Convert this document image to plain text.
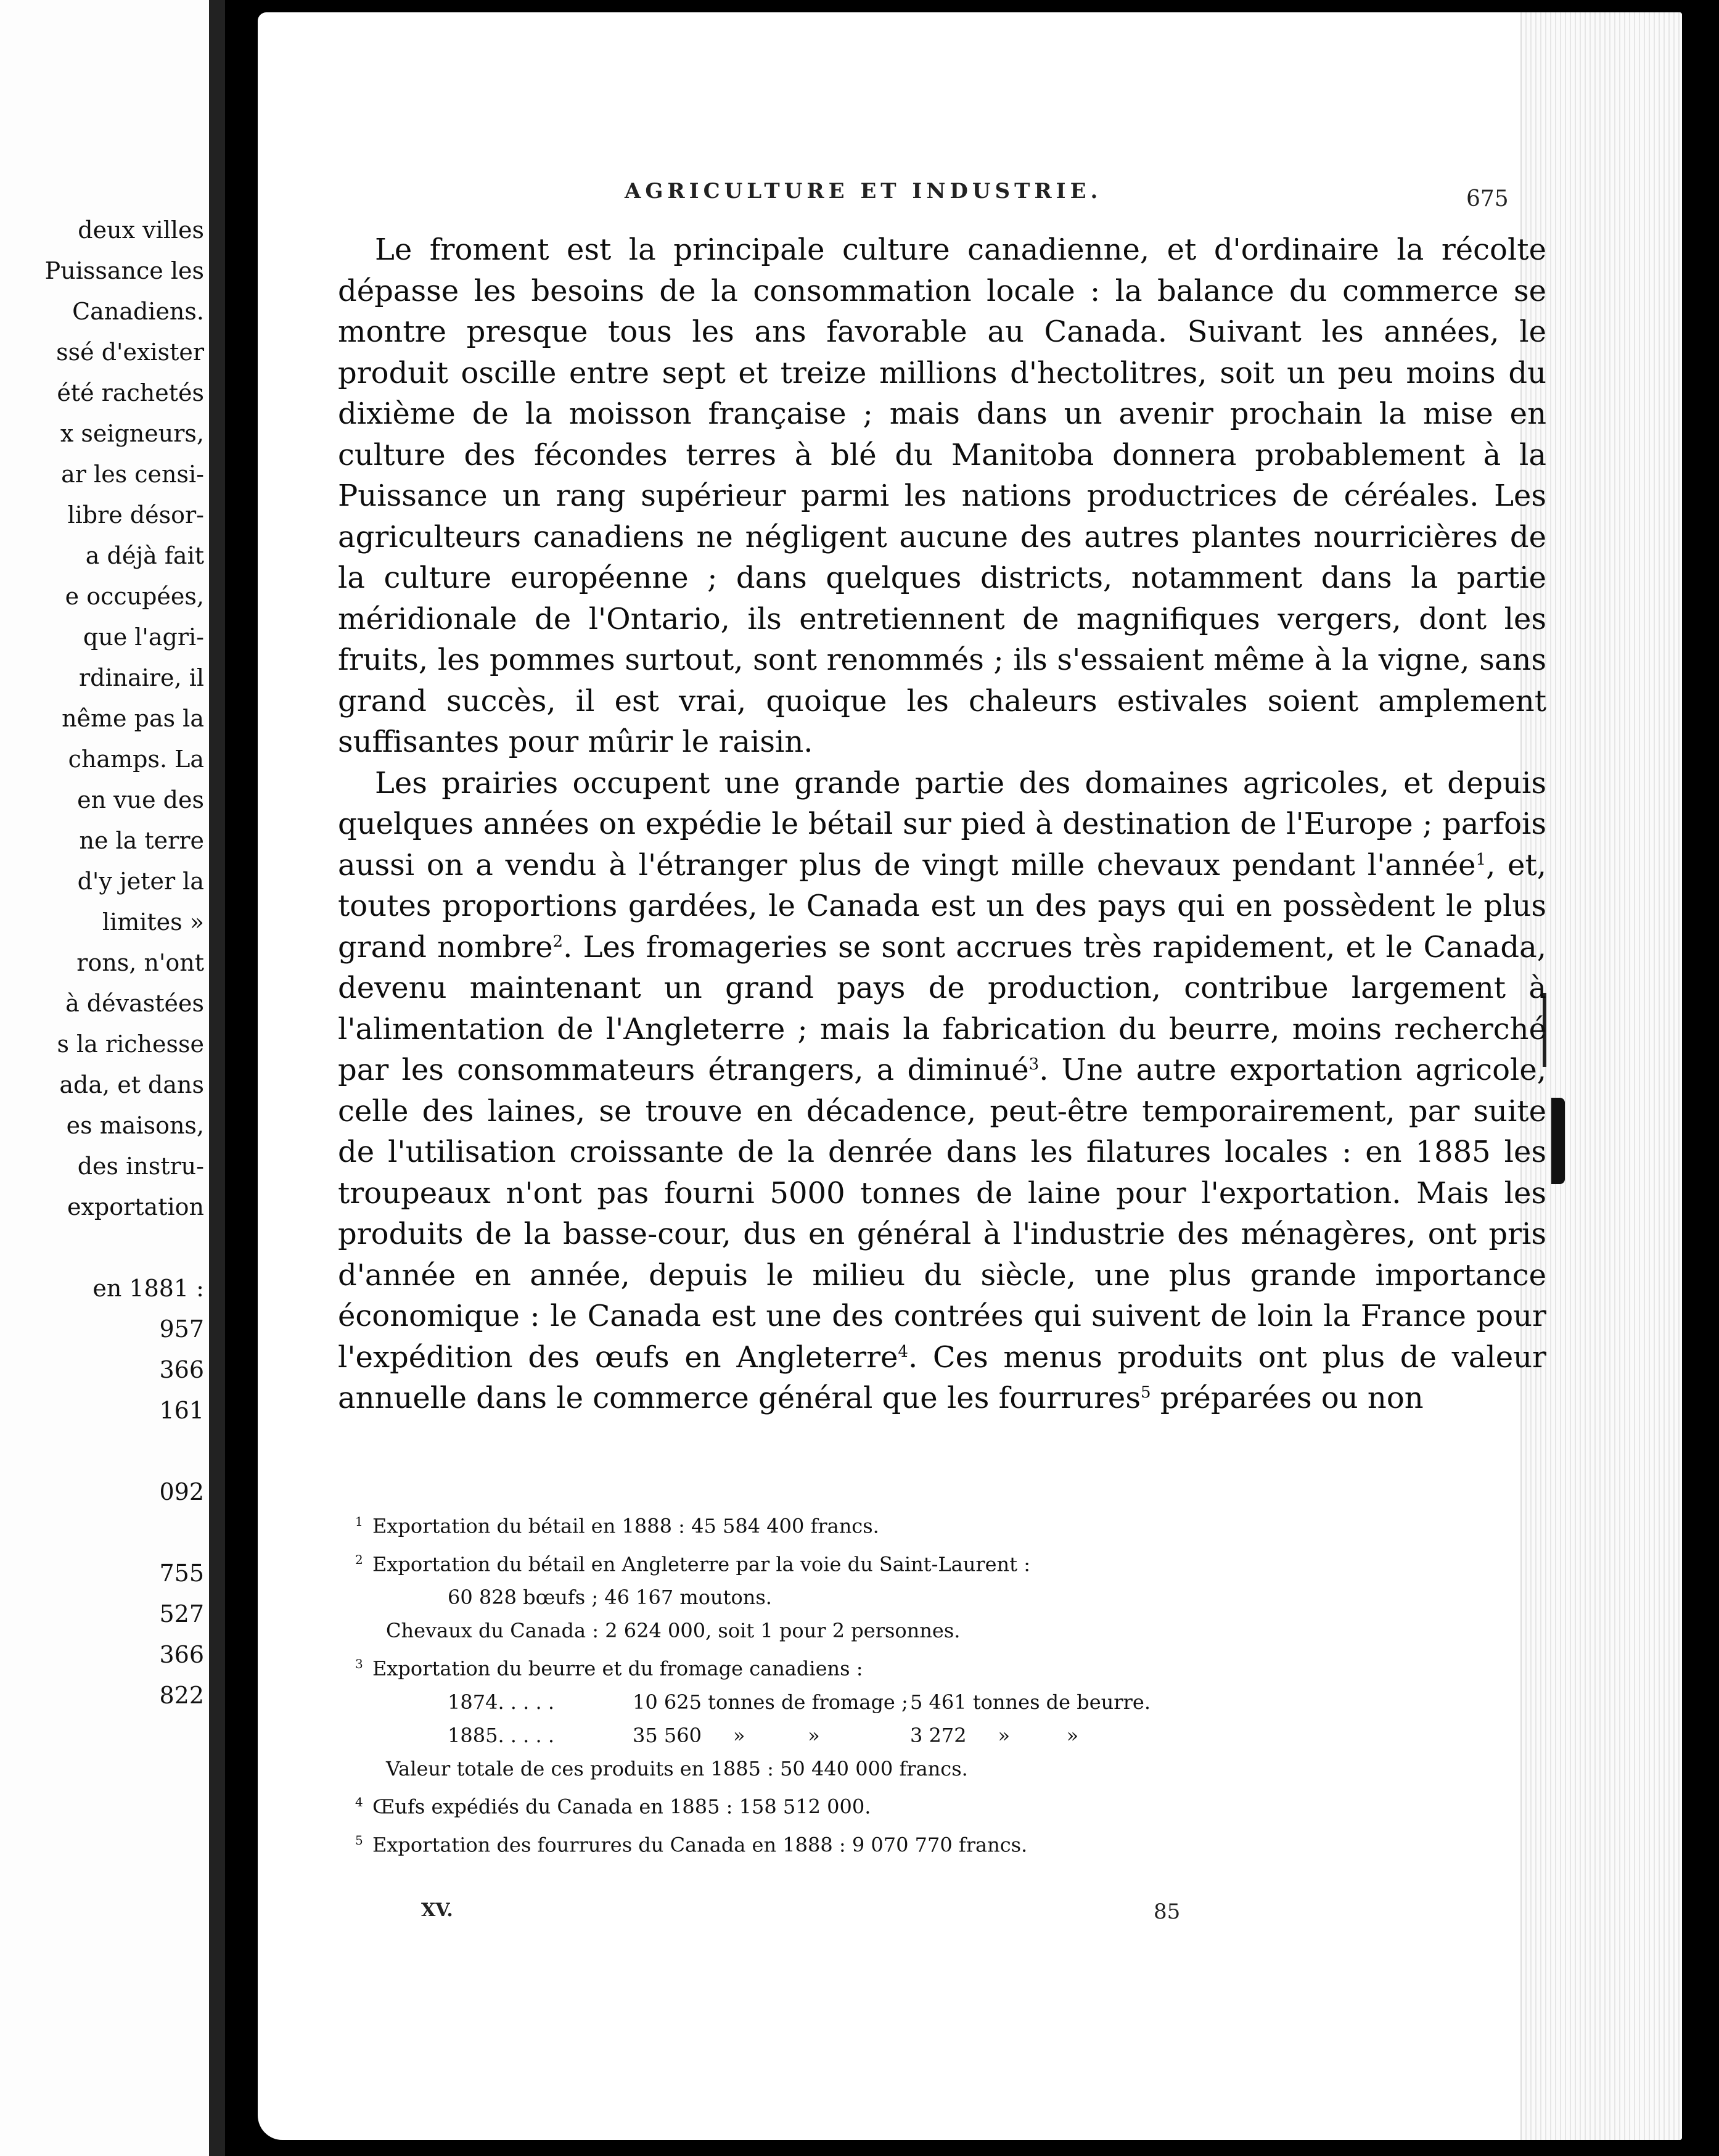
deux villes
Puissance les
Canadiens.
ssé d'exister
été rachetés
x seigneurs,
ar les censi-
libre désor-
a déjà fait
e occupées,
que l'agri-
rdinaire, il
nême pas la
champs. La
en vue des
ne la terre
d'y jeter la
limites »
rons, n'ont
à dévastées
s la richesse
ada, et dans
es maisons,
des instru-
exportation
en 1881 :
957
366
161
092
755
527
366
822
AGRICULTURE ET INDUSTRIE.	675

Le froment est la principale culture canadienne, et d'ordinaire la récolte dépasse les besoins de la consommation locale : la balance du commerce se montre presque tous les ans favorable au Canada. Suivant les années, le produit oscille entre sept et treize millions d'hectolitres, soit un peu moins du dixième de la moisson française ; mais dans un avenir prochain la mise en culture des fécondes terres à blé du Manitoba donnera probablement à la Puissance un rang supérieur parmi les nations productrices de céréales. Les agriculteurs canadiens ne négligent aucune des autres plantes nourricières de la culture européenne ; dans quelques districts, notamment dans la partie méridionale de l'Ontario, ils entretiennent de magnifiques vergers, dont les fruits, les pommes surtout, sont renommés ; ils s'essaient même à la vigne, sans grand succès, il est vrai, quoique les chaleurs estivales soient amplement suffisantes pour mûrir le raisin.

Les prairies occupent une grande partie des domaines agricoles, et depuis quelques années on expédie le bétail sur pied à destination de l'Europe ; parfois aussi on a vendu à l'étranger plus de vingt mille chevaux pendant l'année$^1$, et, toutes proportions gardées, le Canada est un des pays qui en possèdent le plus grand nombre$^2$. Les fromageries se sont accrues très rapidement, et le Canada, devenu maintenant un grand pays de production, contribue largement à l'alimentation de l'Angleterre ; mais la fabrication du beurre, moins recherché par les consommateurs étrangers, a diminué$^3$. Une autre exportation agricole, celle des laines, se trouve en décadence, peut-être temporairement, par suite de l'utilisation croissante de la denrée dans les filatures locales : en 1885 les troupeaux n'ont pas fourni 5000 tonnes de laine pour l'exportation. Mais les produits de la basse-cour, dus en général à l'industrie des ménagères, ont pris d'année en année, depuis le milieu du siècle, une plus grande importance économique : le Canada est une des contrées qui suivent de loin la France pour l'expédition des œufs en Angleterre$^4$. Ces menus produits ont plus de valeur annuelle dans le commerce général que les fourrures$^5$ préparées ou non

1 Exportation du bétail en 1888 : 45 584 400 francs.
2 Exportation du bétail en Angleterre par la voie du Saint-Laurent :
60 828 bœufs ; 46 167 moutons.
Chevaux du Canada : 2 624 000, soit 1 pour 2 personnes.
3 Exportation du beurre et du fromage canadiens :
1874. . . . .	10 625 tonnes de fromage ; 5 461 tonnes de beurre.
1885. . . . .	35 560     »          »	3 272     »         »
Valeur totale de ces produits en 1885 : 50 440 000 francs.
4 Œufs expédiés du Canada en 1885 : 158 512 000.
5 Exportation des fourrures du Canada en 1888 : 9 070 770 francs.
XV.	85
